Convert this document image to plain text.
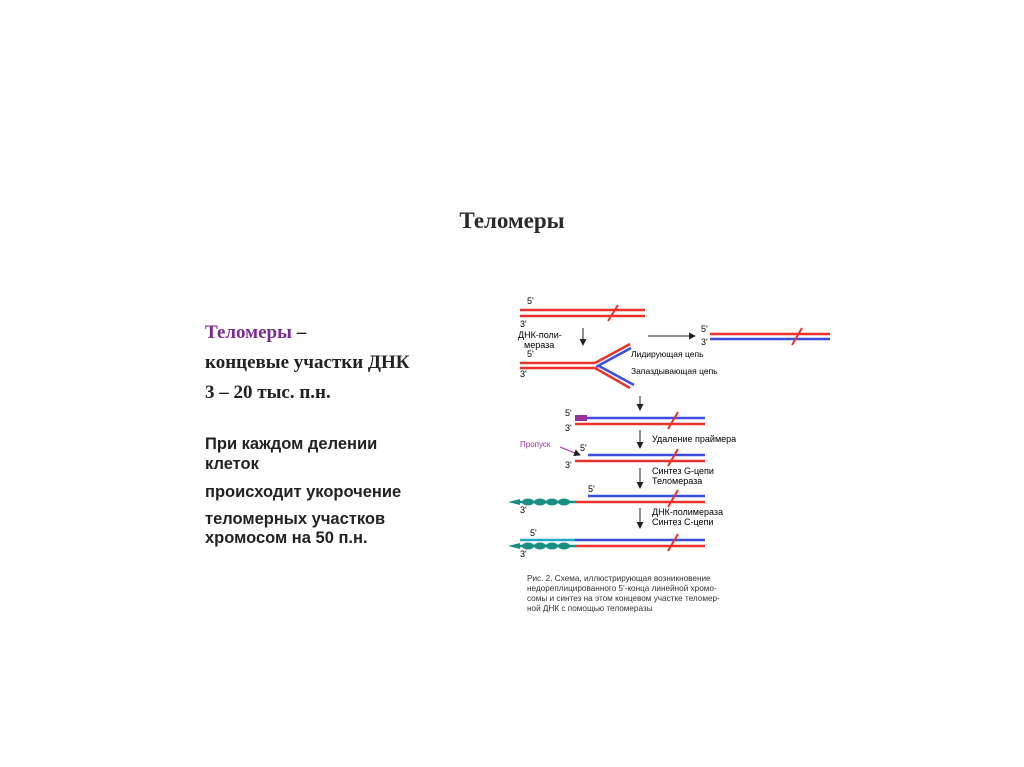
Теломеры
Теломеры –
концевые участки ДНК
3 – 20 тыс. п.н.
При каждом делении
клеток
происходит укорочение
теломерных участков
хромосом на 50 п.н.
5'
3'
ДНК-поли-
мераза
5'
3'
Лидирующая цепь
Запаздывающая цепь
5'
3'
5'
3'
Удаление праймера
Пропуск	5'
3'
Синтез G-цепи
Теломераза
5'
3'	ДНК-полимераза
Синтез C-цепи
5'
3'
Рис. 2. Схема, иллюстрирующая возникновение
недореплицированного 5'-конца линейной хромо-
сомы и синтез на этом концевом участке теломер-
ной ДНК с помощью теломеразы
